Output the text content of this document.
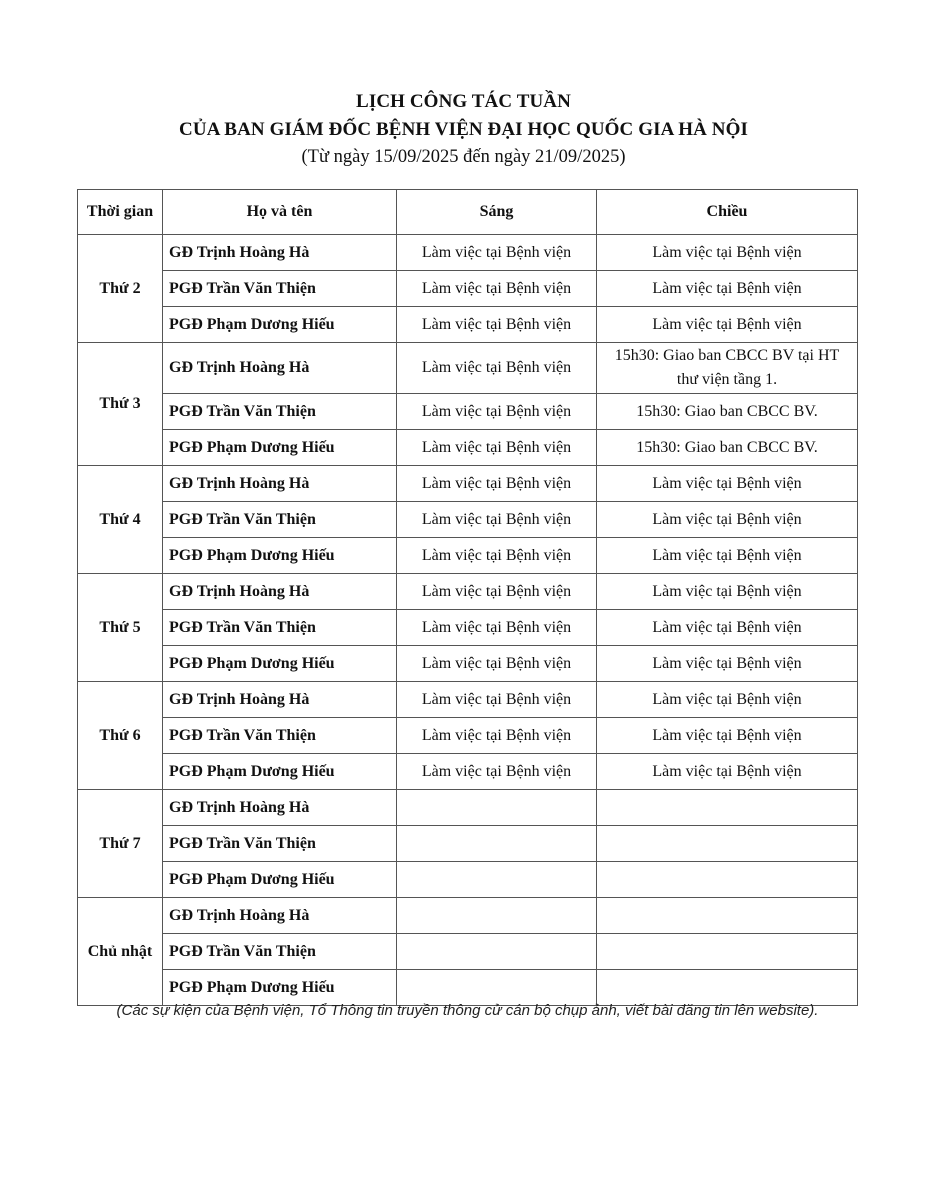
LỊCH CÔNG TÁC TUẦN
CỦA BAN GIÁM ĐỐC BỆNH VIỆN ĐẠI HỌC QUỐC GIA HÀ NỘI
(Từ ngày 15/09/2025 đến ngày 21/09/2025)
Thời gian	Họ và tên	Sáng	Chiều
Thứ 2	GĐ Trịnh Hoàng Hà	Làm việc tại Bệnh viện	Làm việc tại Bệnh viện
	PGĐ Trần Văn Thiện	Làm việc tại Bệnh viện	Làm việc tại Bệnh viện
	PGĐ Phạm Dương Hiếu	Làm việc tại Bệnh viện	Làm việc tại Bệnh viện
Thứ 3	GĐ Trịnh Hoàng Hà	Làm việc tại Bệnh viện	15h30: Giao ban CBCC BV tại HT thư viện tầng 1.
	PGĐ Trần Văn Thiện	Làm việc tại Bệnh viện	15h30: Giao ban CBCC BV.
	PGĐ Phạm Dương Hiếu	Làm việc tại Bệnh viện	15h30: Giao ban CBCC BV.
Thứ 4	GĐ Trịnh Hoàng Hà	Làm việc tại Bệnh viện	Làm việc tại Bệnh viện
	PGĐ Trần Văn Thiện	Làm việc tại Bệnh viện	Làm việc tại Bệnh viện
	PGĐ Phạm Dương Hiếu	Làm việc tại Bệnh viện	Làm việc tại Bệnh viện
Thứ 5	GĐ Trịnh Hoàng Hà	Làm việc tại Bệnh viện	Làm việc tại Bệnh viện
	PGĐ Trần Văn Thiện	Làm việc tại Bệnh viện	Làm việc tại Bệnh viện
	PGĐ Phạm Dương Hiếu	Làm việc tại Bệnh viện	Làm việc tại Bệnh viện
Thứ 6	GĐ Trịnh Hoàng Hà	Làm việc tại Bệnh viện	Làm việc tại Bệnh viện
	PGĐ Trần Văn Thiện	Làm việc tại Bệnh viện	Làm việc tại Bệnh viện
	PGĐ Phạm Dương Hiếu	Làm việc tại Bệnh viện	Làm việc tại Bệnh viện
Thứ 7	GĐ Trịnh Hoàng Hà		
	PGĐ Trần Văn Thiện		
	PGĐ Phạm Dương Hiếu		
Chủ nhật	GĐ Trịnh Hoàng Hà		
	PGĐ Trần Văn Thiện		
	PGĐ Phạm Dương Hiếu		
(Các sự kiện của Bệnh viện, Tổ Thông tin truyền thông cử cán bộ chụp ảnh, viết bài đăng tin lên website).
